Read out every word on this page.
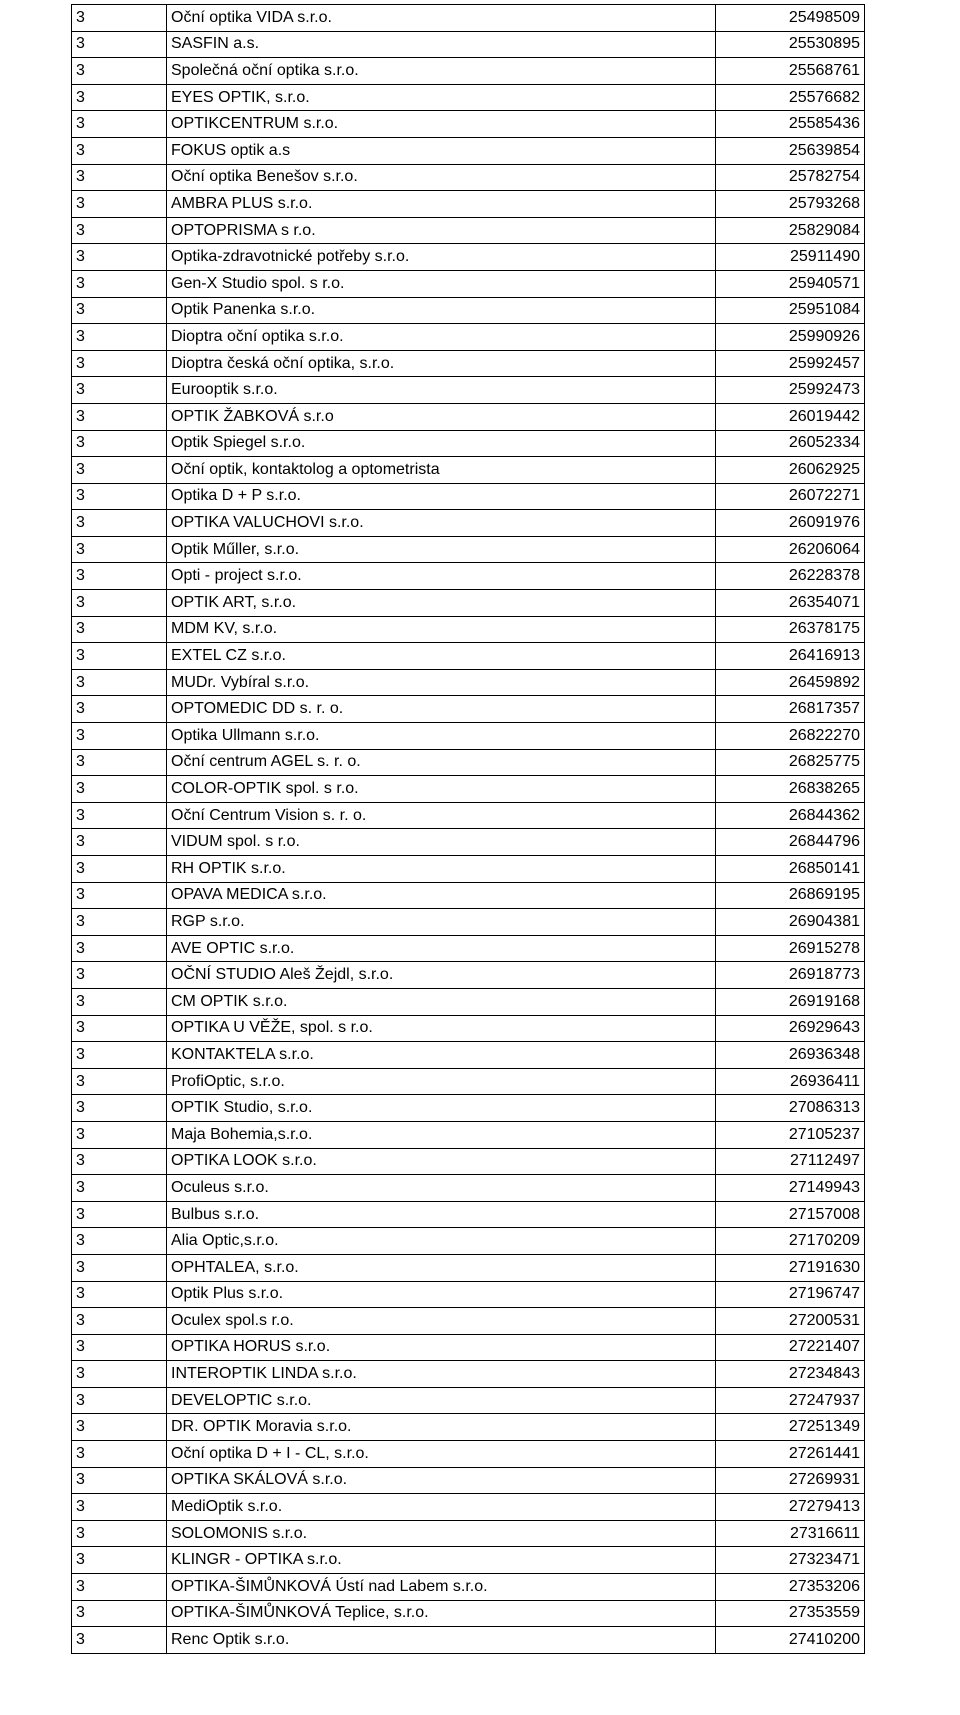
3	Oční optika VIDA s.r.o.	25498509
3	SASFIN a.s.	25530895
3	Společná oční optika s.r.o.	25568761
3	EYES OPTIK, s.r.o.	25576682
3	OPTIKCENTRUM s.r.o.	25585436
3	FOKUS optik a.s	25639854
3	Oční optika Benešov s.r.o.	25782754
3	AMBRA PLUS s.r.o.	25793268
3	OPTOPRISMA s r.o.	25829084
3	Optika-zdravotnické potřeby s.r.o.	25911490
3	Gen-X Studio spol. s r.o.	25940571
3	Optik Panenka s.r.o.	25951084
3	Dioptra oční optika s.r.o.	25990926
3	Dioptra česká oční optika, s.r.o.	25992457
3	Eurooptik s.r.o.	25992473
3	OPTIK ŽABKOVÁ s.r.o	26019442
3	Optik Spiegel s.r.o.	26052334
3	Oční optik, kontaktolog a optometrista	26062925
3	Optika D + P s.r.o.	26072271
3	OPTIKA VALUCHOVI s.r.o.	26091976
3	Optik Műller, s.r.o.	26206064
3	Opti - project s.r.o.	26228378
3	OPTIK ART, s.r.o.	26354071
3	MDM KV, s.r.o.	26378175
3	EXTEL CZ s.r.o.	26416913
3	MUDr. Vybíral s.r.o.	26459892
3	OPTOMEDIC DD s. r. o.	26817357
3	Optika Ullmann s.r.o.	26822270
3	Oční centrum AGEL s. r. o.	26825775
3	COLOR-OPTIK spol. s r.o.	26838265
3	Oční Centrum Vision s. r. o.	26844362
3	VIDUM spol. s r.o.	26844796
3	RH OPTIK s.r.o.	26850141
3	OPAVA MEDICA s.r.o.	26869195
3	RGP s.r.o.	26904381
3	AVE OPTIC s.r.o.	26915278
3	OČNÍ STUDIO Aleš Žejdl, s.r.o.	26918773
3	CM OPTIK s.r.o.	26919168
3	OPTIKA U VĚŽE, spol. s r.o.	26929643
3	KONTAKTELA s.r.o.	26936348
3	ProfiOptic, s.r.o.	26936411
3	OPTIK Studio, s.r.o.	27086313
3	Maja Bohemia,s.r.o.	27105237
3	OPTIKA LOOK s.r.o.	27112497
3	Oculeus s.r.o.	27149943
3	Bulbus s.r.o.	27157008
3	Alia Optic,s.r.o.	27170209
3	OPHTALEA, s.r.o.	27191630
3	Optik Plus s.r.o.	27196747
3	Oculex spol.s r.o.	27200531
3	OPTIKA HORUS s.r.o.	27221407
3	INTEROPTIK LINDA s.r.o.	27234843
3	DEVELOPTIC s.r.o.	27247937
3	DR. OPTIK Moravia s.r.o.	27251349
3	Oční optika D + I - CL, s.r.o.	27261441
3	OPTIKA SKÁLOVÁ s.r.o.	27269931
3	MediOptik s.r.o.	27279413
3	SOLOMONIS s.r.o.	27316611
3	KLINGR - OPTIKA s.r.o.	27323471
3	OPTIKA-ŠIMŮNKOVÁ Ústí nad Labem s.r.o.	27353206
3	OPTIKA-ŠIMŮNKOVÁ Teplice, s.r.o.	27353559
3	Renc Optik s.r.o.	27410200
